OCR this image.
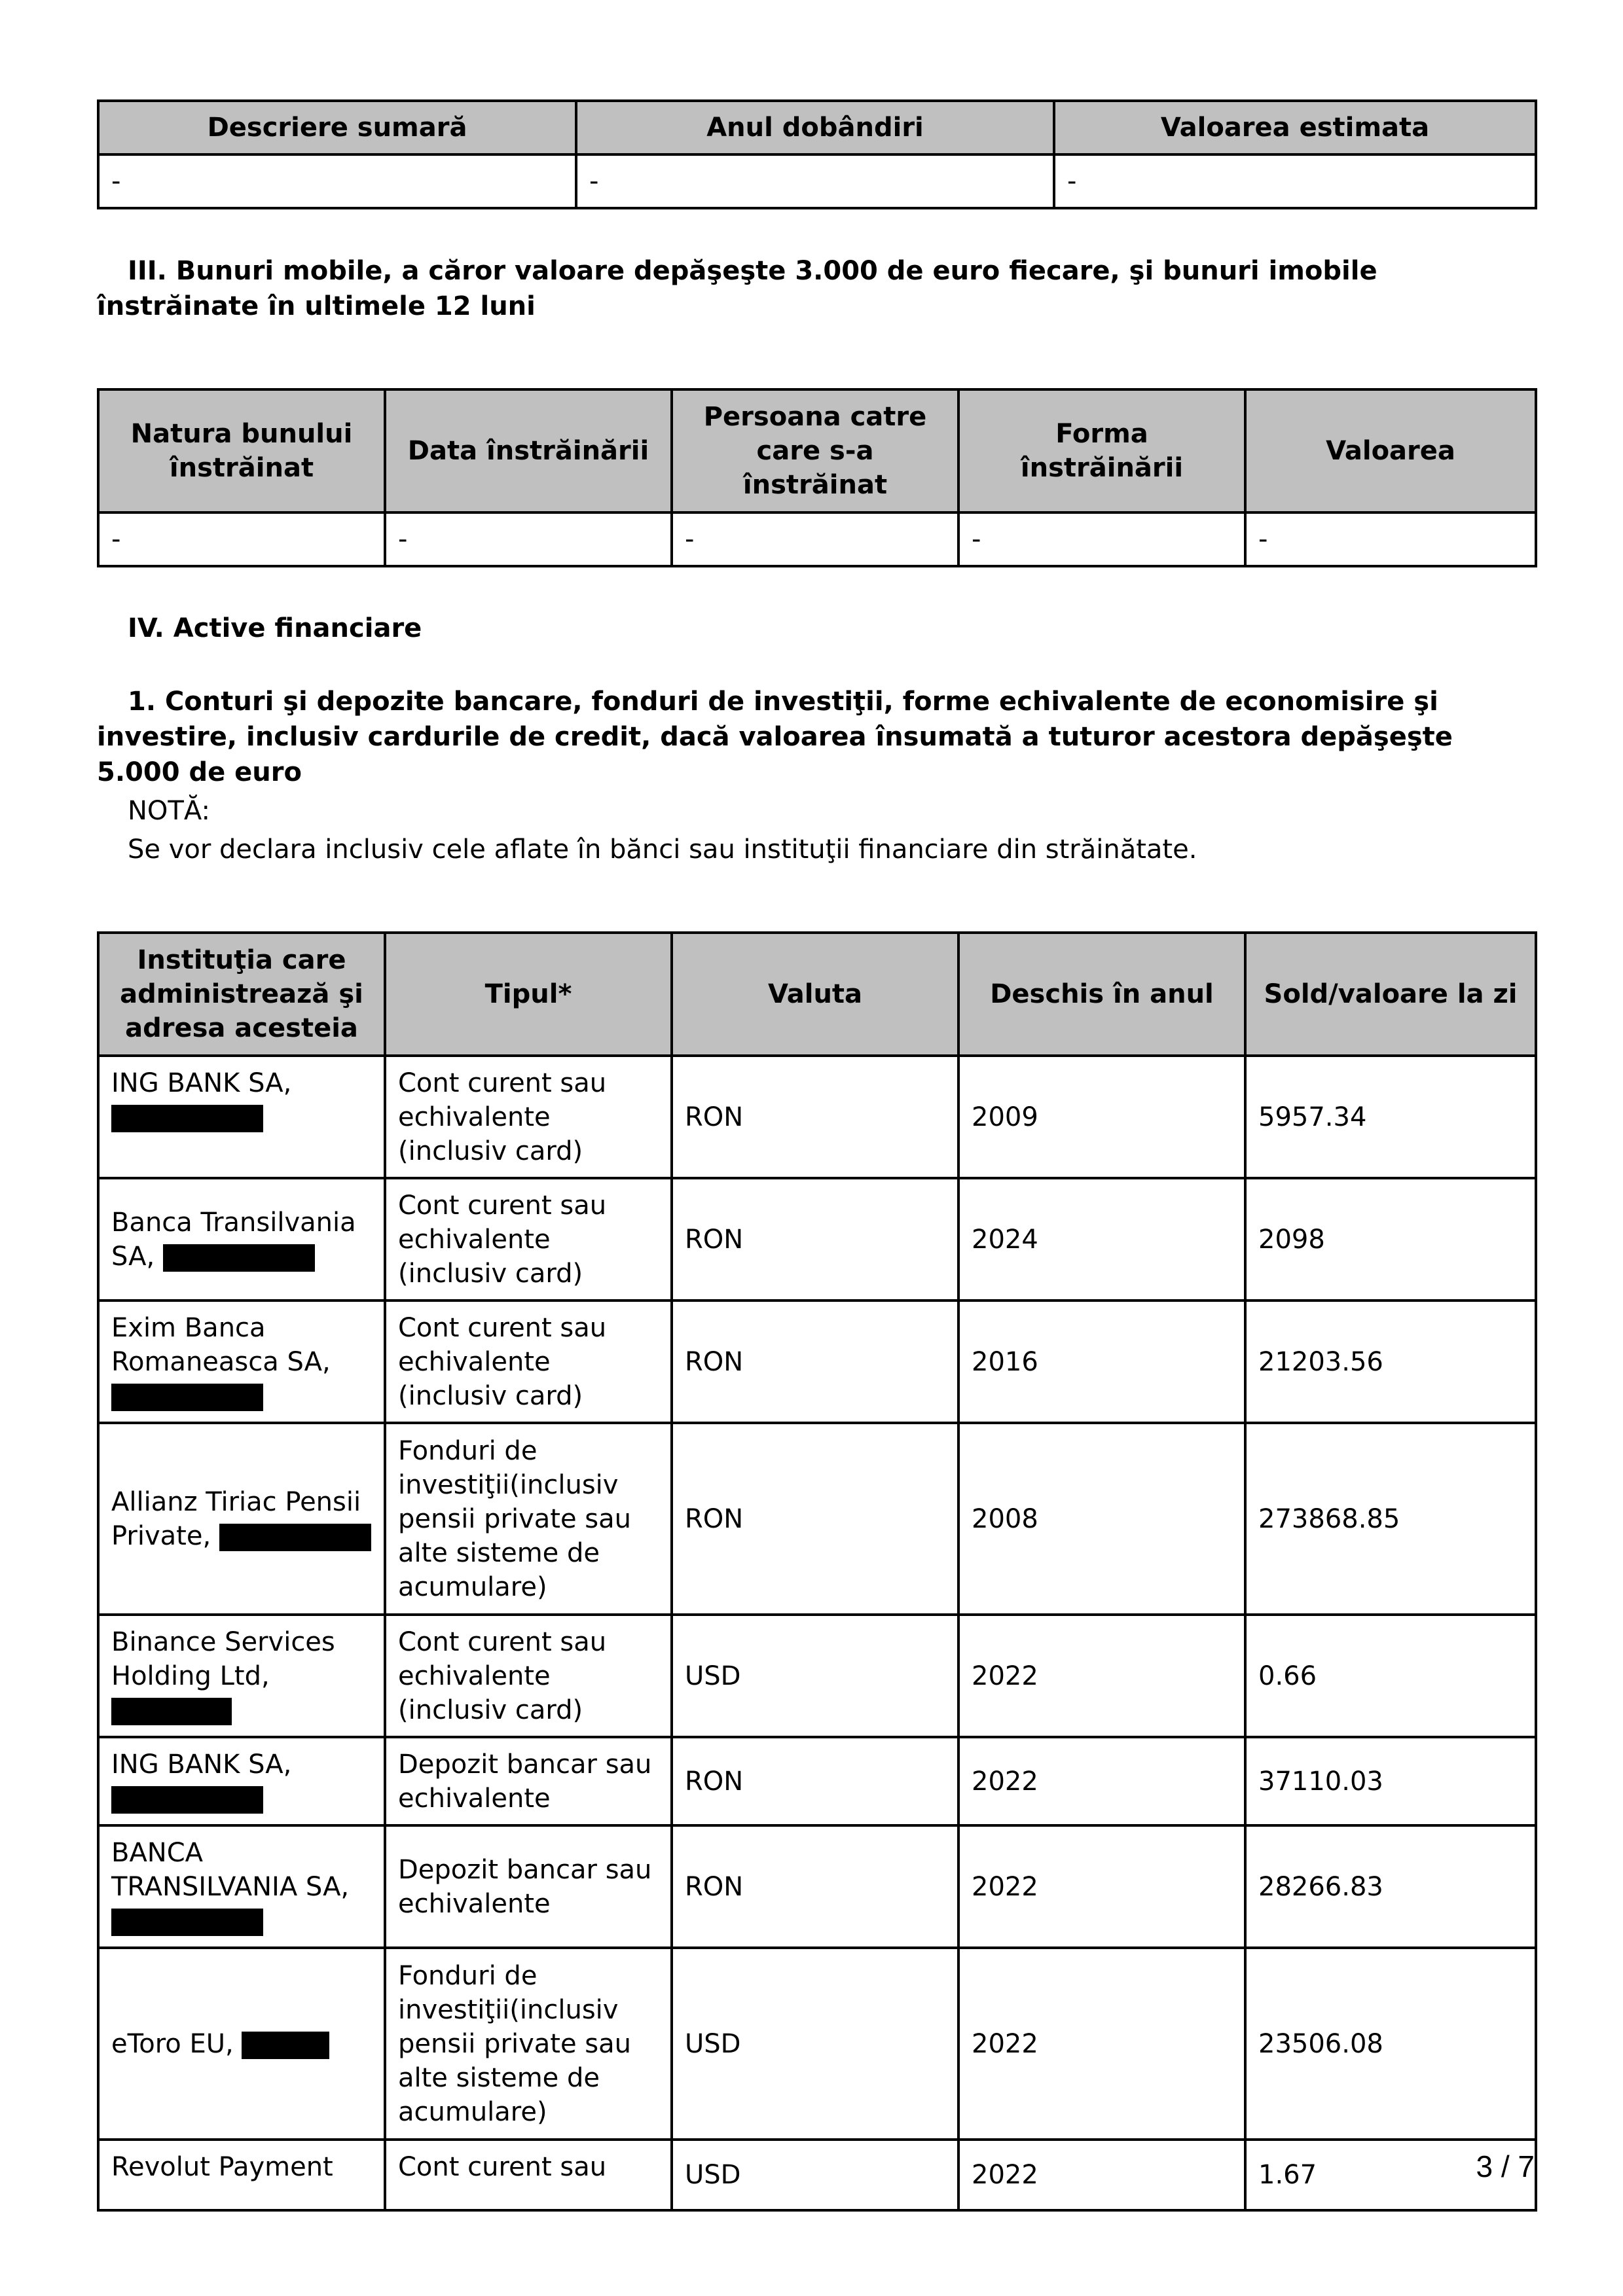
Descriere sumară	Anul dobândiri	Valoarea estimata
-	-	-

III. Bunuri mobile, a căror valoare depăşeşte 3.000 de euro fiecare, şi bunuri imobile înstrăinate în ultimele 12 luni

Natura bunului înstrăinat	Data înstrăinării	Persoana catre care s-a înstrăinat	Forma înstrăinării	Valoarea
-	-	-	-	-

IV. Active financiare

1. Conturi şi depozite bancare, fonduri de investiţii, forme echivalente de economisire şi investire, inclusiv cardurile de credit, dacă valoarea însumată a tuturor acestora depăşeşte 5.000 de euro

NOTĂ:

Se vor declara inclusiv cele aflate în bănci sau instituţii financiare din străinătate.

Instituţia care administrează şi adresa acesteia	Tipul*	Valuta	Deschis în anul	Sold/valoare la zi
ING BANK SA,	Cont curent sau echivalente (inclusiv card)	RON	2009	5957.34
Banca Transilvania SA,	Cont curent sau echivalente (inclusiv card)	RON	2024	2098
Exim Banca Romaneasca SA,	Cont curent sau echivalente (inclusiv card)	RON	2016	21203.56
Allianz Tiriac Pensii Private,	Fonduri de investiţii(inclusiv pensii private sau alte sisteme de acumulare)	RON	2008	273868.85
Binance Services Holding Ltd,	Cont curent sau echivalente (inclusiv card)	USD	2022	0.66
ING BANK SA,	Depozit bancar sau echivalente	RON	2022	37110.03
BANCA TRANSILVANIA SA,	Depozit bancar sau echivalente	RON	2022	28266.83
eToro EU,	Fonduri de investiţii(inclusiv pensii private sau alte sisteme de acumulare)	USD	2022	23506.08
Revolut Payment	Cont curent sau	USD	2022	1.67	3 / 7
